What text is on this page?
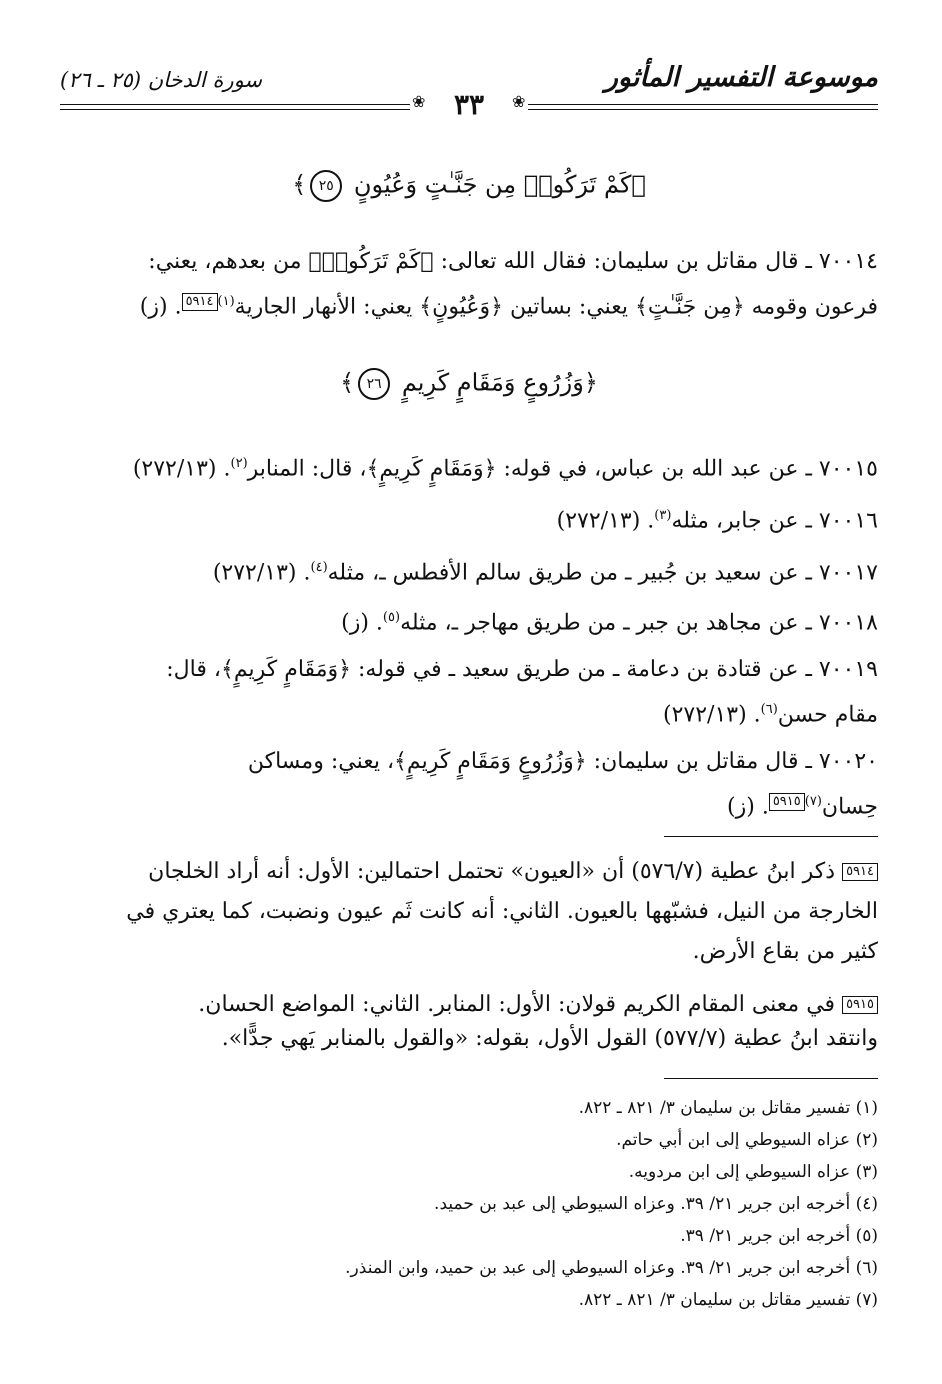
موسوعة التفسير المأثور
سورة الدخان (٢٥ ـ ٢٦)
❀	٣٣	❀
﴿كَمْ تَرَكُوا۟ مِن جَنَّـٰتٍ وَعُيُونٍ ٢٥﴾
٧٠٠١٤ ـ قال مقاتل بن سليمان: فقال الله تعالى: ﴿كَمْ تَرَكُوا۟﴾ من بعدهم، يعني:
فرعون وقومه ﴿مِن جَنَّـٰتٍ﴾ يعني: بساتين ﴿وَعُيُونٍ﴾ يعني: الأنهار الجارية$^{(١)}$٥٩١٤. (ز)
﴿وَزُرُوعٍ وَمَقَامٍ كَرِيمٍ ٢٦﴾
٧٠٠١٥ ـ عن عبد الله بن عباس، في قوله: ﴿وَمَقَامٍ كَرِيمٍ﴾، قال: المنابر$^{(٢)}$. (٢٧٢/١٣)
٧٠٠١٦ ـ عن جابر، مثله$^{(٣)}$. (٢٧٢/١٣)
٧٠٠١٧ ـ عن سعيد بن جُبير ـ من طريق سالم الأفطس ـ، مثله$^{(٤)}$. (٢٧٢/١٣)
٧٠٠١٨ ـ عن مجاهد بن جبر ـ من طريق مهاجر ـ، مثله$^{(٥)}$. (ز)
٧٠٠١٩ ـ عن قتادة بن دعامة ـ من طريق سعيد ـ في قوله: ﴿وَمَقَامٍ كَرِيمٍ﴾، قال:
مقام حسن$^{(٦)}$. (٢٧٢/١٣)
٧٠٠٢٠ ـ قال مقاتل بن سليمان: ﴿وَزُرُوعٍ وَمَقَامٍ كَرِيمٍ﴾، يعني: ومساكن
حِسان$^{(٧)}$٥٩١٥. (ز)
٥٩١٤ ذكر ابنُ عطية (٥٧٦/٧) أن «العيون» تحتمل احتمالين: الأول: أنه أراد الخلجان
الخارجة من النيل، فشبّهها بالعيون. الثاني: أنه كانت ثَم عيون ونضبت، كما يعتري في
كثير من بقاع الأرض.
٥٩١٥ في معنى المقام الكريم قولان: الأول: المنابر. الثاني: المواضع الحسان.
وانتقد ابنُ عطية (٥٧٧/٧) القول الأول، بقوله: «والقول بالمنابر يَهي جدًّا».
(١) تفسير مقاتل بن سليمان ٣/ ٨٢١ ـ ٨٢٢.
(٢) عزاه السيوطي إلى ابن أبي حاتم.
(٣) عزاه السيوطي إلى ابن مردويه.
(٤) أخرجه ابن جرير ٢١/ ٣٩. وعزاه السيوطي إلى عبد بن حميد.
(٥) أخرجه ابن جرير ٢١/ ٣٩.
(٦) أخرجه ابن جرير ٢١/ ٣٩. وعزاه السيوطي إلى عبد بن حميد، وابن المنذر.
(٧) تفسير مقاتل بن سليمان ٣/ ٨٢١ ـ ٨٢٢.
